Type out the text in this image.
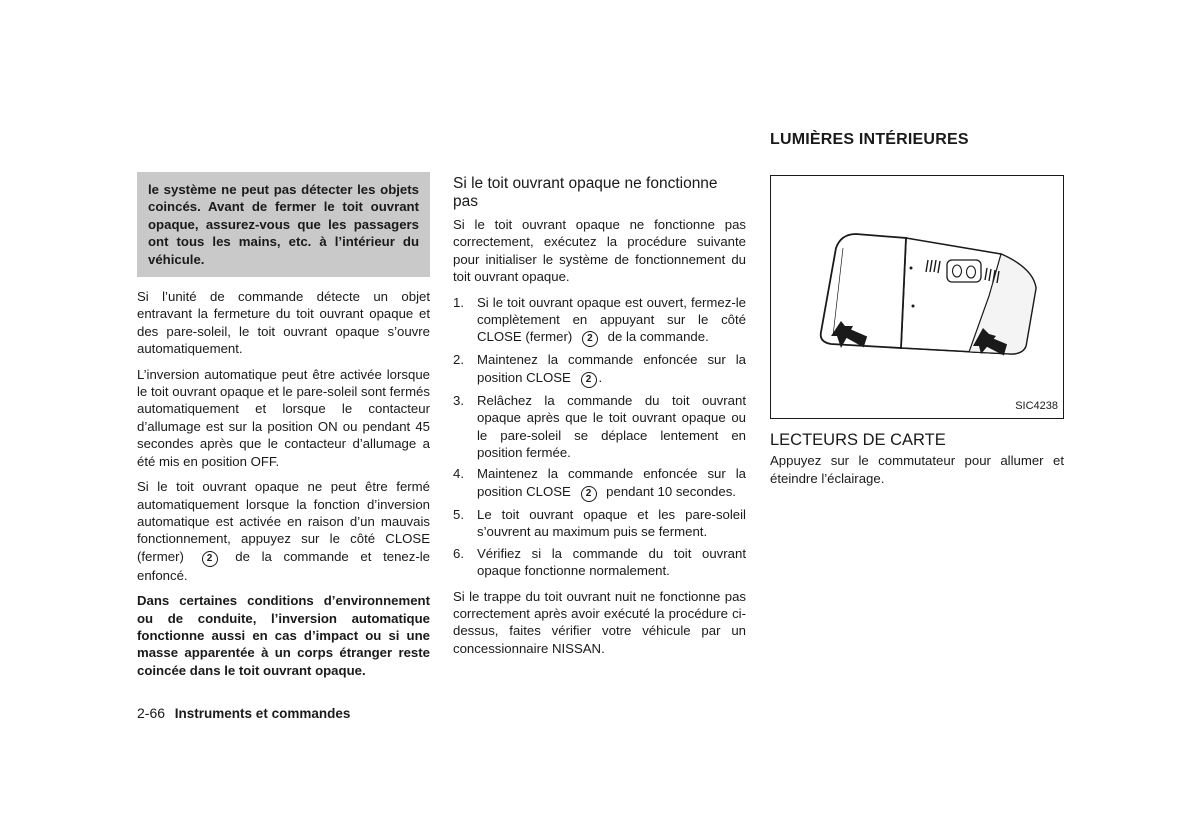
le système ne peut pas détecter les objets coincés. Avant de fermer le toit ouvrant opaque, assurez-vous que les passagers ont tous les mains, etc. à l’intérieur du véhicule.

Si l’unité de commande détecte un objet entravant la fermeture du toit ouvrant opaque et des pare-soleil, le toit ouvrant opaque s’ouvre automatiquement.

L’inversion automatique peut être activée lorsque le toit ouvrant opaque et le pare-soleil sont fermés automatiquement et lorsque le contacteur d’allumage est sur la position ON ou pendant 45 secondes après que le contacteur d’allumage a été mis en position OFF.

Si le toit ouvrant opaque ne peut être fermé automatiquement lorsque la fonction d’inversion automatique est activée en raison d’un mauvais fonctionnement, appuyez sur le côté CLOSE (fermer) 2 de la commande et tenez-le enfoncé.

Dans certaines conditions d’environnement ou de conduite, l’inversion automatique fonctionne aussi en cas d’impact ou si une masse apparentée à un corps étranger reste coincée dans le toit ouvrant opaque.

Si le toit ouvrant opaque ne fonctionne pas

Si le toit ouvrant opaque ne fonctionne pas correctement, exécutez la procédure suivante pour initialiser le système de fonctionnement du toit ouvrant opaque.

1. Si le toit ouvrant opaque est ouvert, fermez-le complètement en appuyant sur le côté CLOSE (fermer) 2 de la commande.
2. Maintenez la commande enfoncée sur la position CLOSE 2 .
3. Relâchez la commande du toit ouvrant opaque après que le toit ouvrant opaque ou le pare-soleil se déplace lentement en position fermée.
4. Maintenez la commande enfoncée sur la position CLOSE 2 pendant 10 secondes.
5. Le toit ouvrant opaque et les pare-soleil s’ouvrent au maximum puis se ferment.
6. Vérifiez si la commande du toit ouvrant opaque fonctionne normalement.

Si le trappe du toit ouvrant nuit ne fonctionne pas correctement après avoir exécuté la procédure ci-dessus, faites vérifier votre véhicule par un concessionnaire NISSAN.

LUMIÈRES INTÉRIEURES
SIC4238
LECTEURS DE CARTE

Appuyez sur le commutateur pour allumer et éteindre l’éclairage.

2-66 Instruments et commandes
